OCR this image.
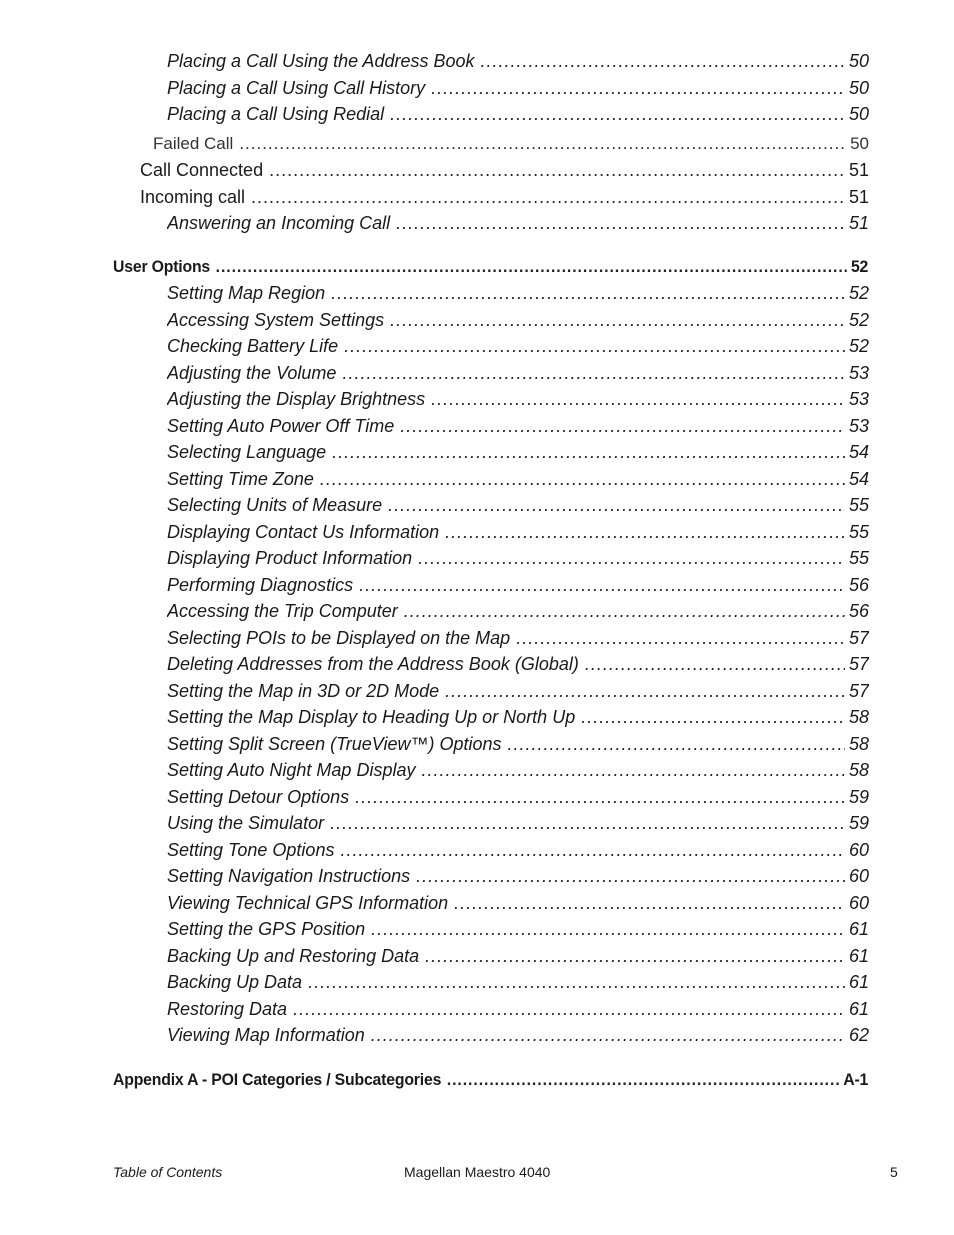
Placing a Call Using the Address Book .....	50
Placing a Call Using Call History .....	50
Placing a Call Using Redial .....	50
Failed Call .....	50
Call Connected .....	51
Incoming call .....	51
Answering an Incoming Call .....	51
User Options .....	52
Setting Map Region .....	52
Accessing System Settings .....	52
Checking Battery Life .....	52
Adjusting the Volume .....	53
Adjusting the Display Brightness .....	53
Setting Auto Power Off Time .....	53
Selecting Language .....	54
Setting Time Zone .....	54
Selecting Units of Measure .....	55
Displaying Contact Us Information .....	55
Displaying Product Information .....	55
Performing Diagnostics .....	56
Accessing the Trip Computer .....	56
Selecting POIs to be Displayed on the Map .....	57
Deleting Addresses from the Address Book (Global) .....	57
Setting the Map in 3D or 2D Mode .....	57
Setting the Map Display to Heading Up or North Up .....	58
Setting Split Screen (TrueView™) Options .....	58
Setting Auto Night Map Display .....	58
Setting Detour Options .....	59
Using the Simulator .....	59
Setting Tone Options .....	60
Setting Navigation Instructions .....	60
Viewing Technical GPS Information .....	60
Setting the GPS Position .....	61
Backing Up and Restoring Data .....	61
Backing Up Data .....	61
Restoring Data .....	61
Viewing Map Information .....	62
Appendix A - POI Categories / Subcategories .....	A-1
Table of Contents	Magellan Maestro 4040	5
